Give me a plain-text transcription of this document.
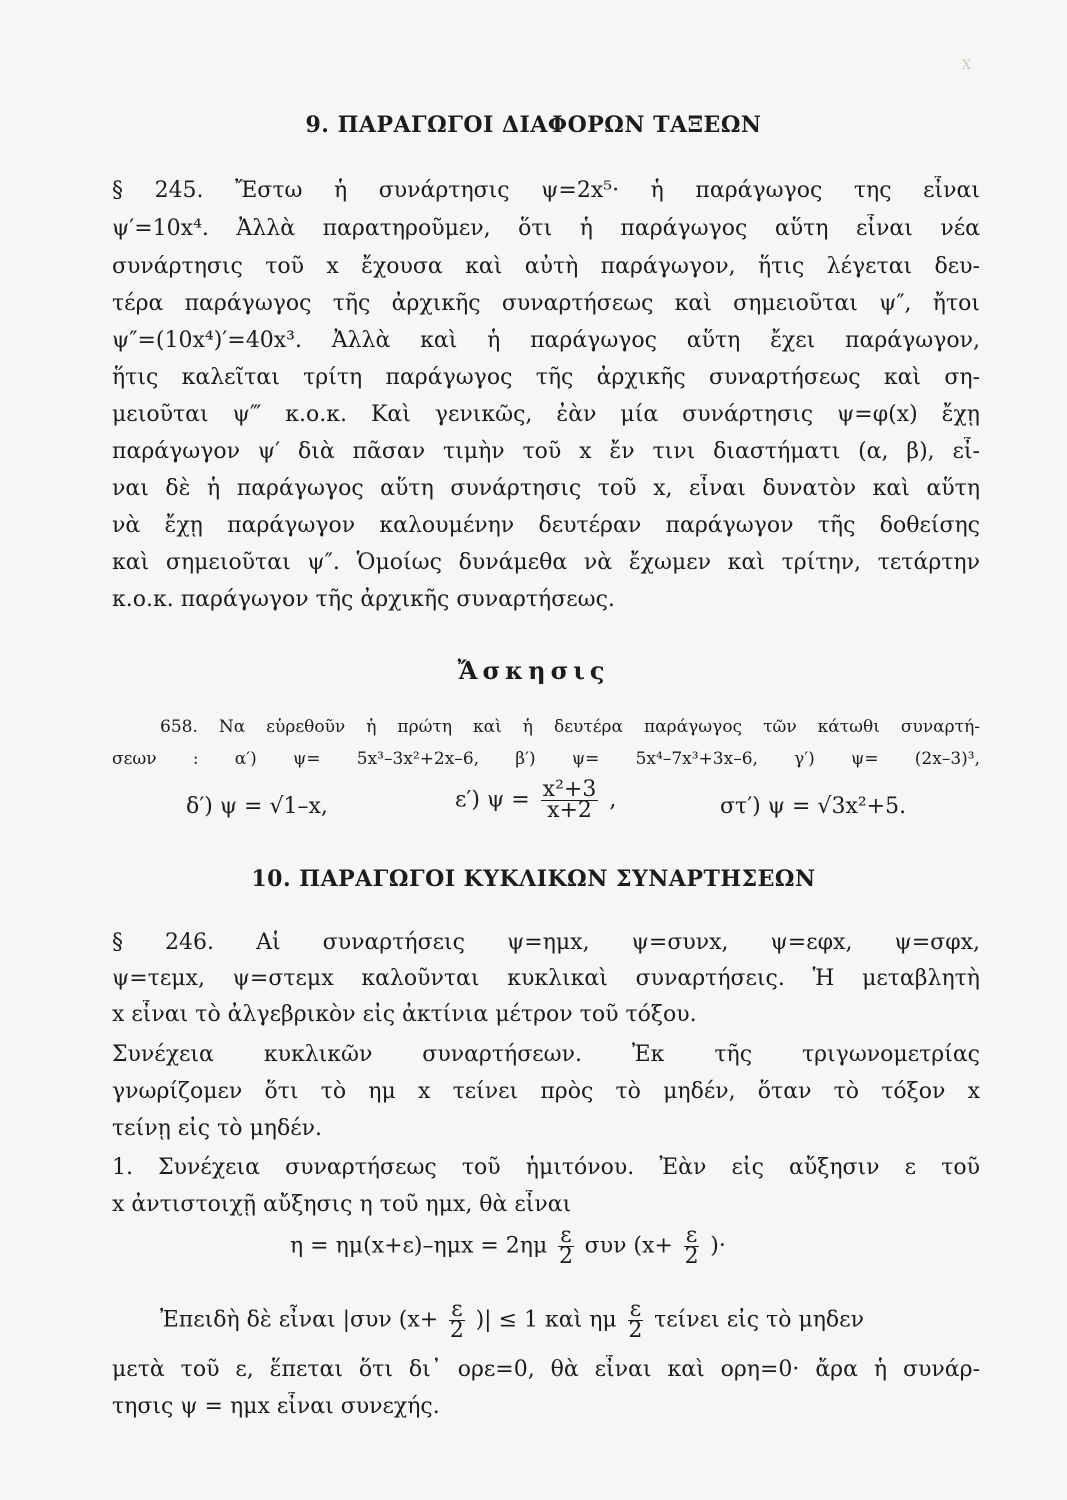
X
9. ΠΑΡΑΓΩΓΟΙ ΔΙΑΦΟΡΩΝ ΤΑΞΕΩΝ
§ 245. Ἔστω ἡ συνάρτησις ψ=2x⁵· ἡ παράγωγος της εἶναι
ψ′=10x⁴. Ἀλλὰ παρατηροῦμεν, ὅτι ἡ παράγωγος αὕτη εἶναι νέα
συνάρτησις τοῦ x ἔχουσα καὶ αὐτὴ παράγωγον, ἥτις λέγεται δευ-
τέρα παράγωγος τῆς ἀρχικῆς συναρτήσεως καὶ σημειοῦται ψ″, ἤτοι
ψ″=(10x⁴)′=40x³. Ἀλλὰ καὶ ἡ παράγωγος αὕτη ἔχει παράγωγον,
ἥτις καλεῖται τρίτη παράγωγος τῆς ἀρχικῆς συναρτήσεως καὶ ση-
μειοῦται ψ‴ κ.ο.κ. Καὶ γενικῶς, ἐὰν μία συνάρτησις ψ=φ(x) ἔχῃ
παράγωγον ψ′ διὰ πᾶσαν τιμὴν τοῦ x ἔν τινι διαστήματι (α, β), εἶ-
ναι δὲ ἡ παράγωγος αὕτη συνάρτησις τοῦ x, εἶναι δυνατὸν καὶ αὕτη
νὰ ἔχῃ παράγωγον καλουμένην δευτέραν παράγωγον τῆς δοθείσης
καὶ σημειοῦται ψ″. Ὁμοίως δυνάμεθα νὰ ἔχωμεν καὶ τρίτην, τετάρτην
κ.ο.κ. παράγωγον τῆς ἀρχικῆς συναρτήσεως.
Ἄσκησις
658. Να εὑρεθοῦν ἡ πρώτη καὶ ἡ δευτέρα παράγωγος τῶν κάτωθι συναρτή-
σεων : α′) ψ= 5x³–3x²+2x–6, β′) ψ= 5x⁴–7x³+3x–6, γ′) ψ= (2x–3)³,
δ′) ψ = √1–x,	ε′) $\psi = \frac{\text{x²+3}}{x+2}$ ,	στ′) ψ = √3x²+5.
10. ΠΑΡΑΓΩΓΟΙ ΚΥΚΛΙΚΩΝ ΣΥΝΑΡΤΗΣΕΩΝ
§ 246. Αἱ συναρτήσεις ψ=ημx, ψ=συνx, ψ=εφx, ψ=σφx,
ψ=τεμx, ψ=στεμx καλοῦνται κυκλικαὶ συναρτήσεις. Ἡ μεταβλητὴ
x εἶναι τὸ ἀλγεβρικὸν εἰς ἀκτίνια μέτρον τοῦ τόξου.
Συνέχεια κυκλικῶν συναρτήσεων. Ἐκ τῆς τριγωνομετρίας
γνωρίζομεν ὅτι τὸ ημ x τείνει πρὸς τὸ μηδέν, ὅταν τὸ τόξον x
τείνῃ εἰς τὸ μηδέν.
1. Συνέχεια συναρτήσεως τοῦ ἡμιτόνου. Ἐὰν εἰς αὔξησιν ε τοῦ
x ἀντιστοιχῇ αὔξησις η τοῦ ημx, θὰ εἶναι
$\eta = \eta\mu(x+\varepsilon)-\eta\mu x = 2\eta\mu \frac{\varepsilon}{2}$ συν ($x+ \frac{\varepsilon}{2}$ )·
Ἐπειδὴ δὲ εἶναι |συν ($x+ \frac{\varepsilon}{2}$ )| ≤ 1 καὶ ημ $\frac{\varepsilon}{2}$ τείνει εἰς τὸ μηδεν
μετὰ τοῦ ε, ἕπεται ὅτι δι᾽ ορε=0, θὰ εἶναι καὶ ορη=0· ἄρα ἡ συνάρ-
τησις ψ = ημx εἶναι συνεχής.
